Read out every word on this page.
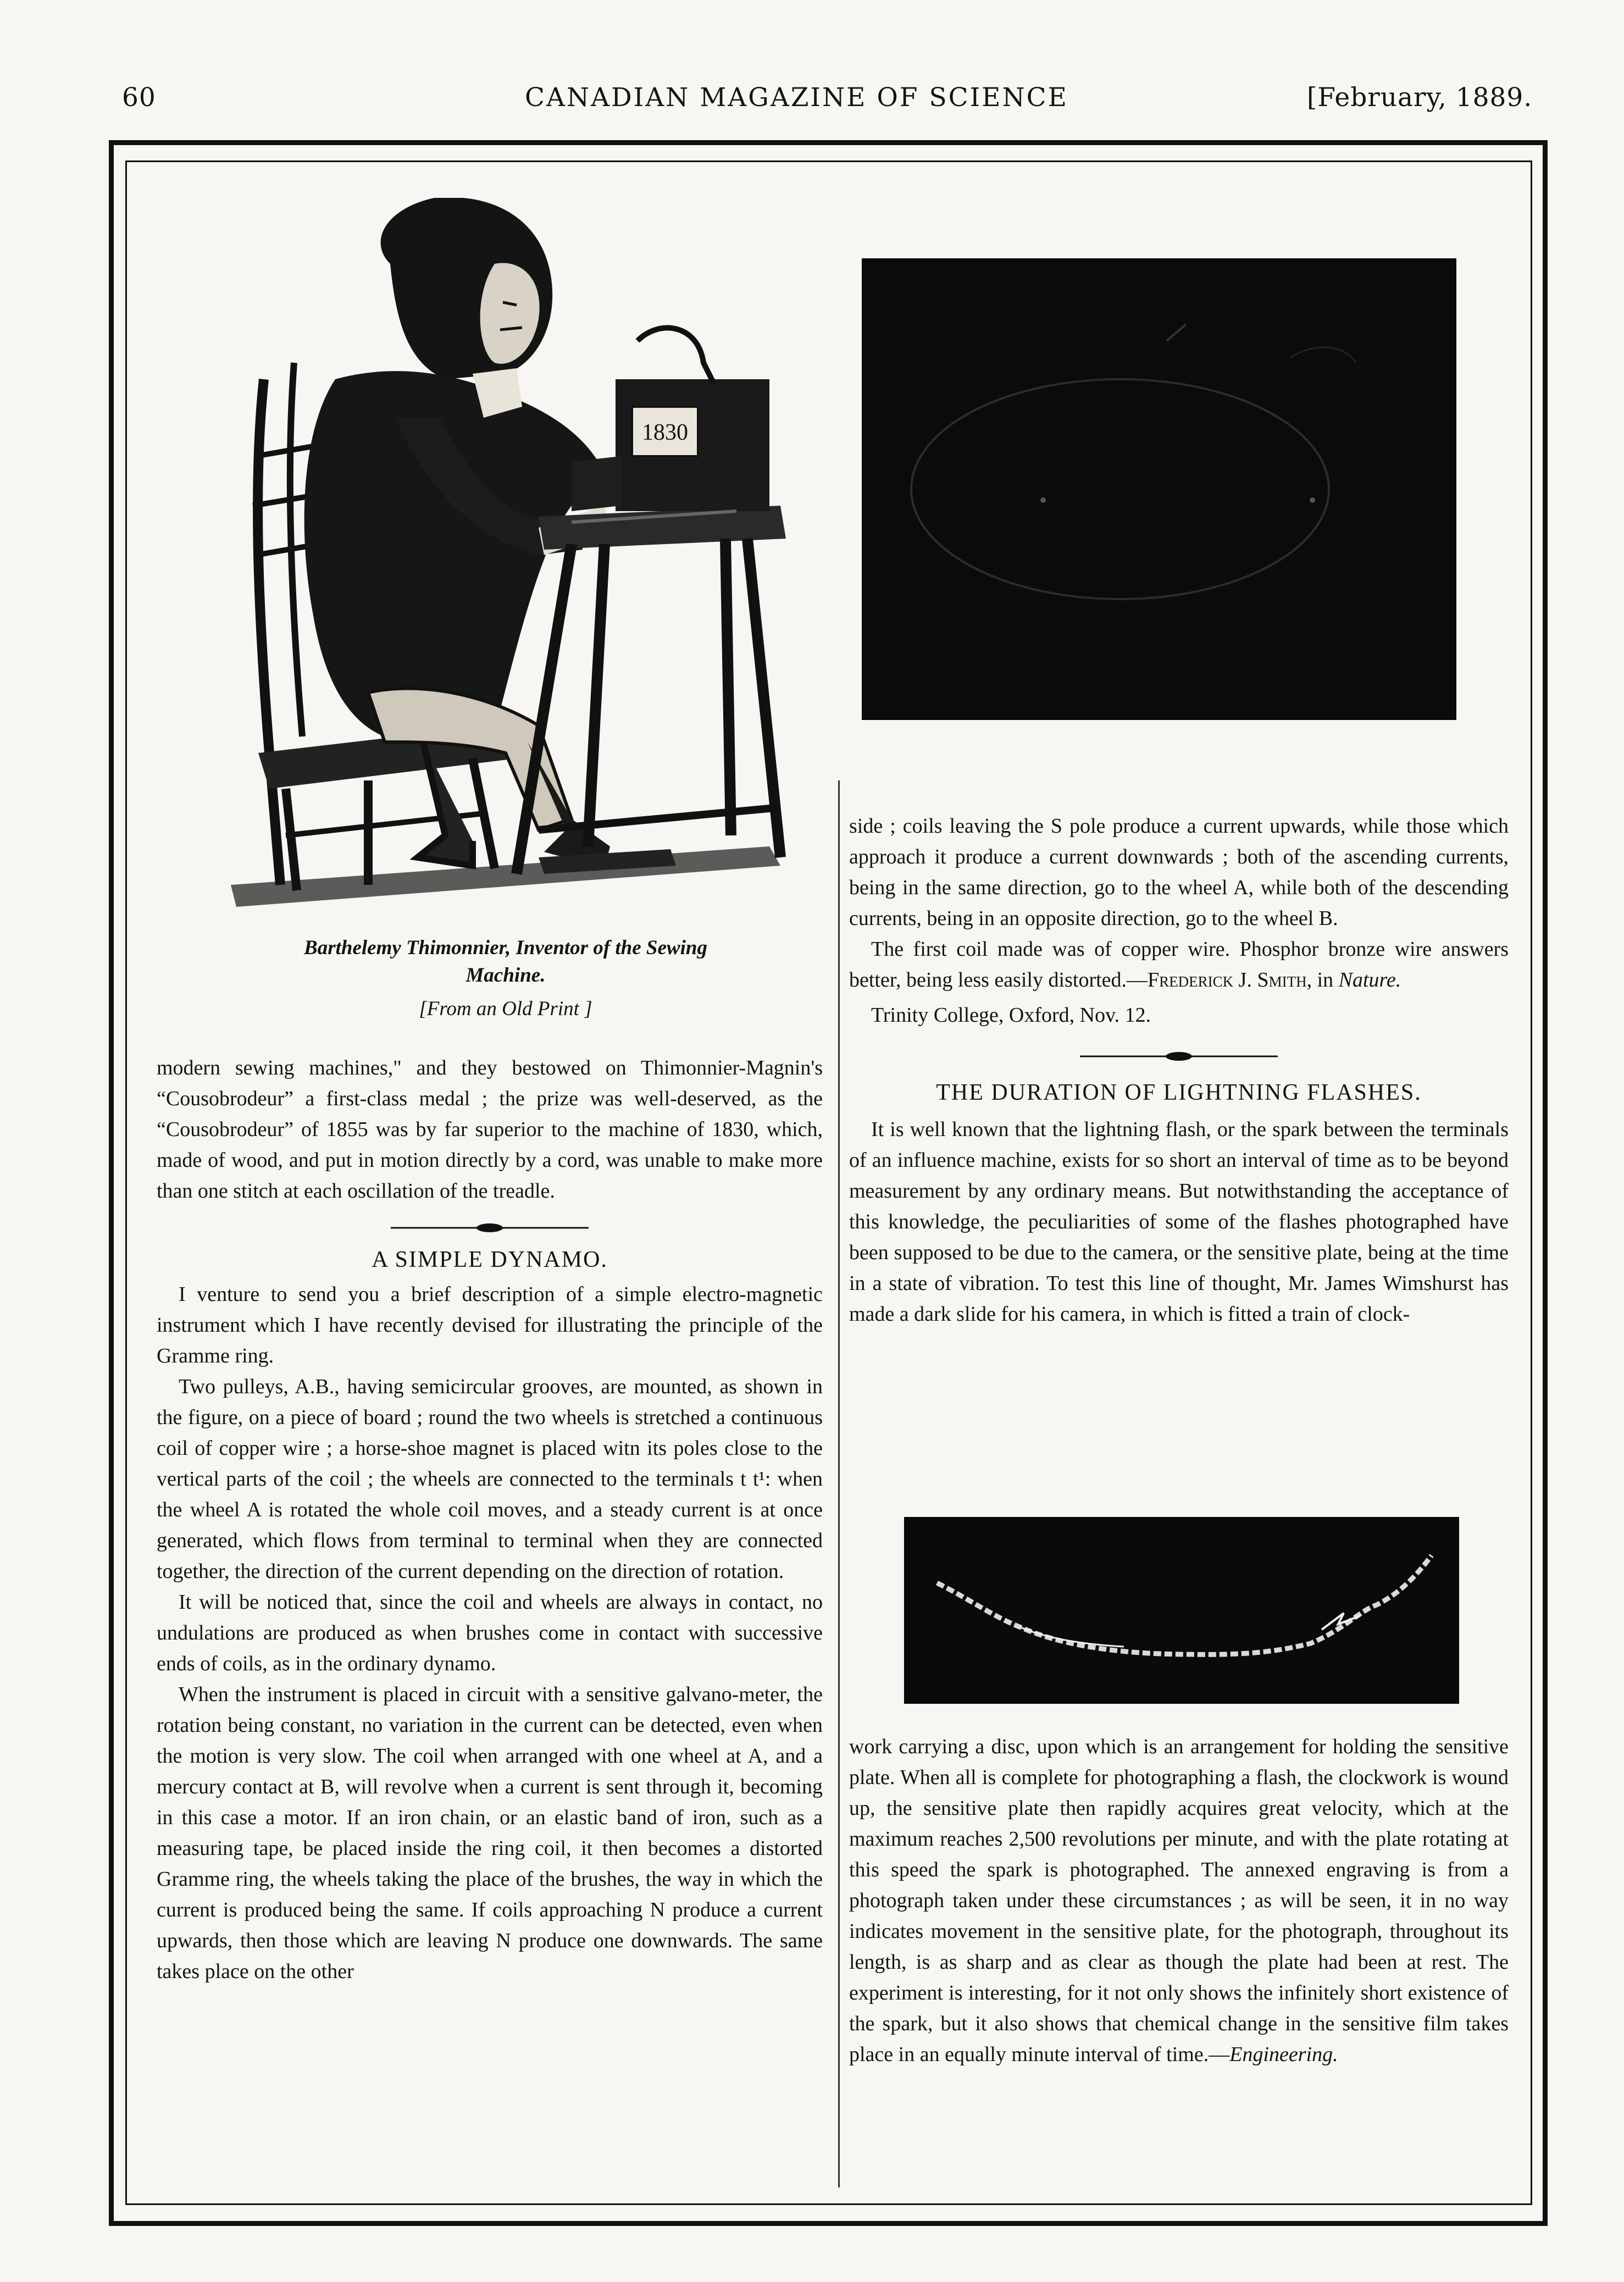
60	CANADIAN MAGAZINE OF SCIENCE	[February, 1889.
1830
Barthelemy Thimonnier, Inventor of the Sewing
Machine.
[From an Old Print ]

modern sewing machines," and they bestowed on Thimonnier-Magnin's “Cousobrodeur” a first-class medal ; the prize was well-deserved, as the “Cousobrodeur” of 1855 was by far superior to the machine of 1830, which, made of wood, and put in motion directly by a cord, was unable to make more than one stitch at each oscillation of the treadle.

A SIMPLE DYNAMO.

I venture to send you a brief description of a simple electro-magnetic instrument which I have recently devised for illustrating the principle of the Gramme ring.

Two pulleys, A.B., having semicircular grooves, are mounted, as shown in the figure, on a piece of board ; round the two wheels is stretched a continuous coil of copper wire ; a horse-shoe magnet is placed witn its poles close to the vertical parts of the coil ; the wheels are connected to the terminals t t¹: when the wheel A is rotated the whole coil moves, and a steady current is at once generated, which flows from terminal to terminal when they are connected together, the direction of the current depending on the direction of rotation.

It will be noticed that, since the coil and wheels are always in contact, no undulations are produced as when brushes come in contact with successive ends of coils, as in the ordinary dynamo.

When the instrument is placed in circuit with a sensitive galvano-meter, the rotation being constant, no variation in the current can be detected, even when the motion is very slow. The coil when arranged with one wheel at A, and a mercury contact at B, will revolve when a current is sent through it, becoming in this case a motor. If an iron chain, or an elastic band of iron, such as a measuring tape, be placed inside the ring coil, it then becomes a distorted Gramme ring, the wheels taking the place of the brushes, the way in which the current is produced being the same. If coils approaching N produce a current upwards, then those which are leaving N produce one downwards. The same takes place on the other

side ; coils leaving the S pole produce a current upwards, while those which approach it produce a current downwards ; both of the ascending currents, being in the same direction, go to the wheel A, while both of the descending currents, being in an opposite direction, go to the wheel B.

The first coil made was of copper wire. Phosphor bronze wire answers better, being less easily distorted.—Frederick J. Smith, in Nature.

Trinity College, Oxford, Nov. 12.

THE DURATION OF LIGHTNING FLASHES.

It is well known that the lightning flash, or the spark between the terminals of an influence machine, exists for so short an interval of time as to be beyond measurement by any ordinary means. But notwithstanding the acceptance of this knowledge, the peculiarities of some of the flashes photographed have been supposed to be due to the camera, or the sensitive plate, being at the time in a state of vibration. To test this line of thought, Mr. James Wimshurst has made a dark slide for his camera, in which is fitted a train of clock-

work carrying a disc, upon which is an arrangement for holding the sensitive plate. When all is complete for photographing a flash, the clockwork is wound up, the sensitive plate then rapidly acquires great velocity, which at the maximum reaches 2,500 revolutions per minute, and with the plate rotating at this speed the spark is photographed. The annexed engraving is from a photograph taken under these circumstances ; as will be seen, it in no way indicates movement in the sensitive plate, for the photograph, throughout its length, is as sharp and as clear as though the plate had been at rest. The experiment is interesting, for it not only shows the infinitely short existence of the spark, but it also shows that chemical change in the sensitive film takes place in an equally minute interval of time.—Engineering.
